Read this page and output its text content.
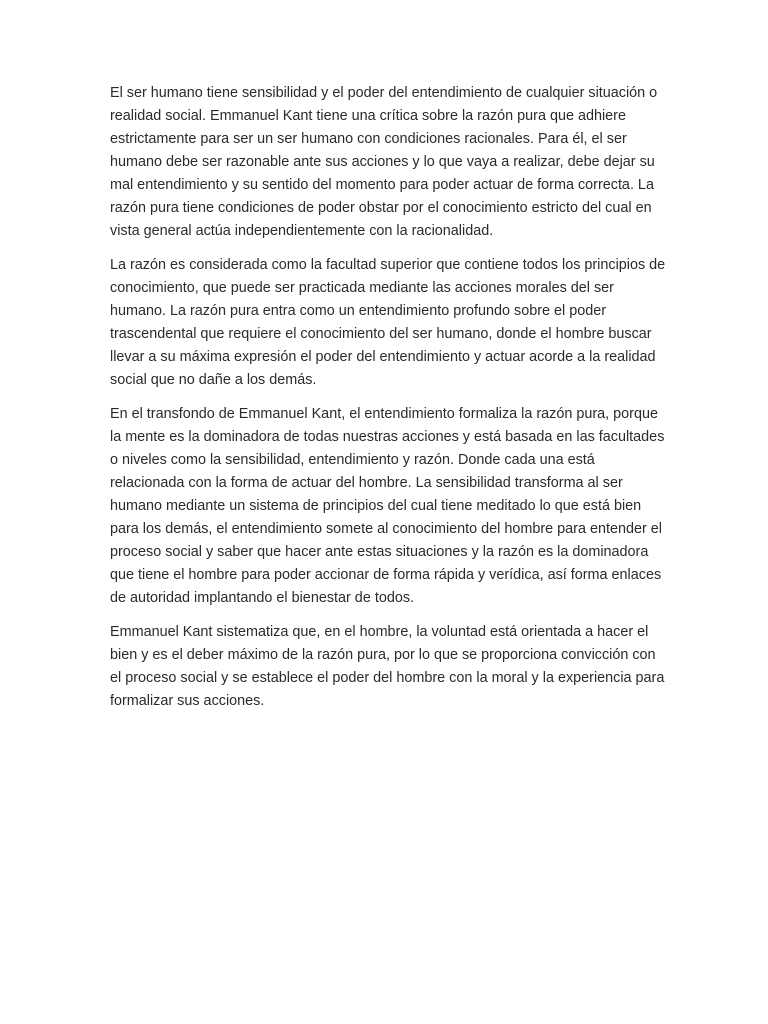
El ser humano tiene sensibilidad y el poder del entendimiento de cualquier situación o
realidad social. Emmanuel Kant tiene una crítica sobre la razón pura que adhiere
estrictamente para ser un ser humano con condiciones racionales. Para él, el ser
humano debe ser razonable ante sus acciones y lo que vaya a realizar, debe dejar su
mal entendimiento y su sentido del momento para poder actuar de forma correcta. La
razón pura tiene condiciones de poder obstar por el conocimiento estricto del cual en
vista general actúa independientemente con la racionalidad.

La razón es considerada como la facultad superior que contiene todos los principios de
conocimiento, que puede ser practicada mediante las acciones morales del ser
humano. La razón pura entra como un entendimiento profundo sobre el poder
trascendental que requiere el conocimiento del ser humano, donde el hombre buscar
llevar a su máxima expresión el poder del entendimiento y actuar acorde a la realidad
social que no dañe a los demás.

En el transfondo de Emmanuel Kant, el entendimiento formaliza la razón pura, porque
la mente es la dominadora de todas nuestras acciones y está basada en las facultades
o niveles como la sensibilidad, entendimiento y razón. Donde cada una está
relacionada con la forma de actuar del hombre. La sensibilidad transforma al ser
humano mediante un sistema de principios del cual tiene meditado lo que está bien
para los demás, el entendimiento somete al conocimiento del hombre para entender el
proceso social y saber que hacer ante estas situaciones y la razón es la dominadora
que tiene el hombre para poder accionar de forma rápida y verídica, así forma enlaces
de autoridad implantando el bienestar de todos.

Emmanuel Kant sistematiza que, en el hombre, la voluntad está orientada a hacer el
bien y es el deber máximo de la razón pura, por lo que se proporciona convicción con
el proceso social y se establece el poder del hombre con la moral y la experiencia para
formalizar sus acciones.
